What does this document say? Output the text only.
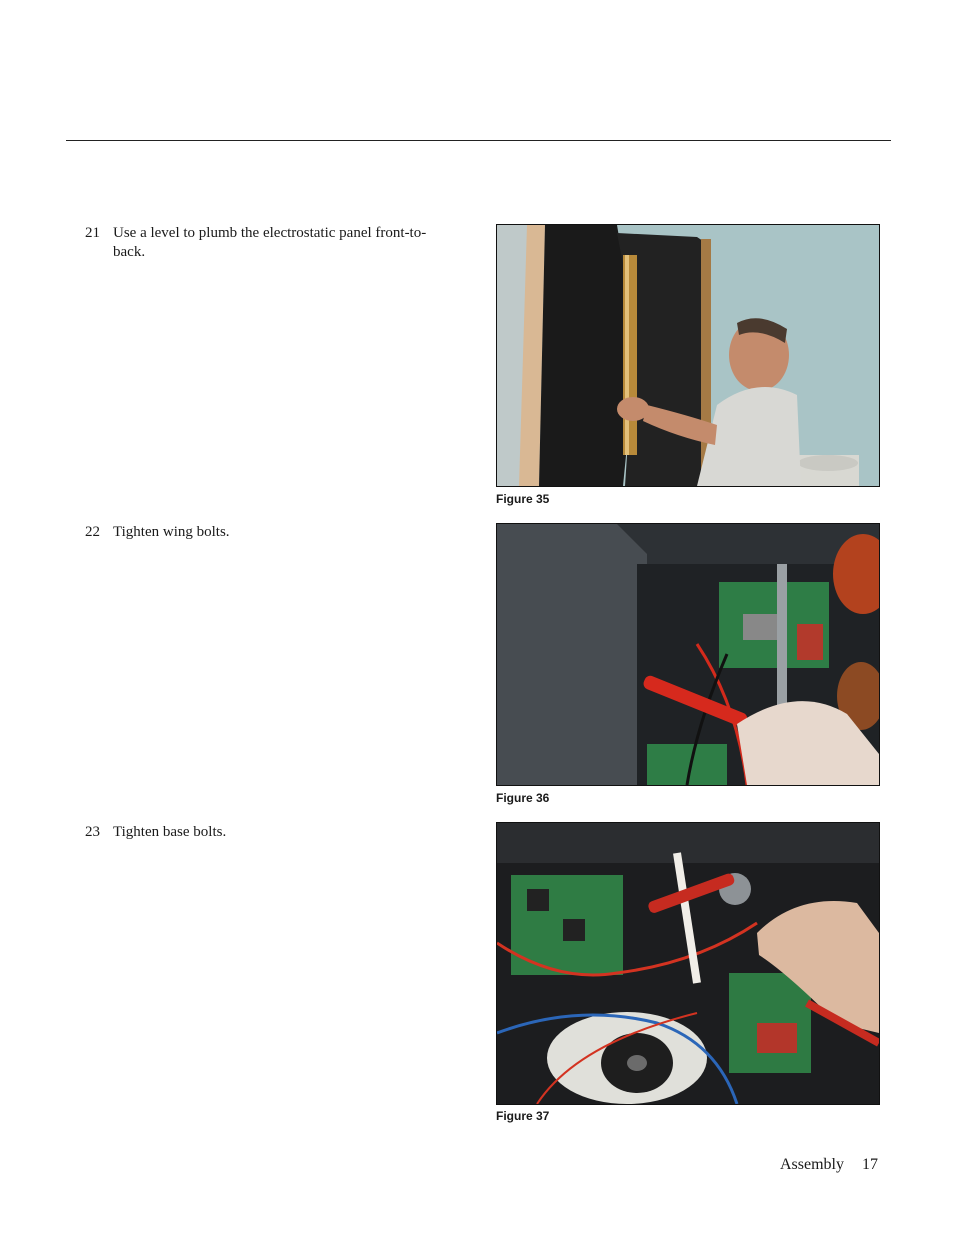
21 Use a level to plumb the electrostatic panel front-to-
back.
Figure 35
22 Tighten wing bolts.
Figure 36
23 Tighten base bolts.
Figure 37
Assembly 17
